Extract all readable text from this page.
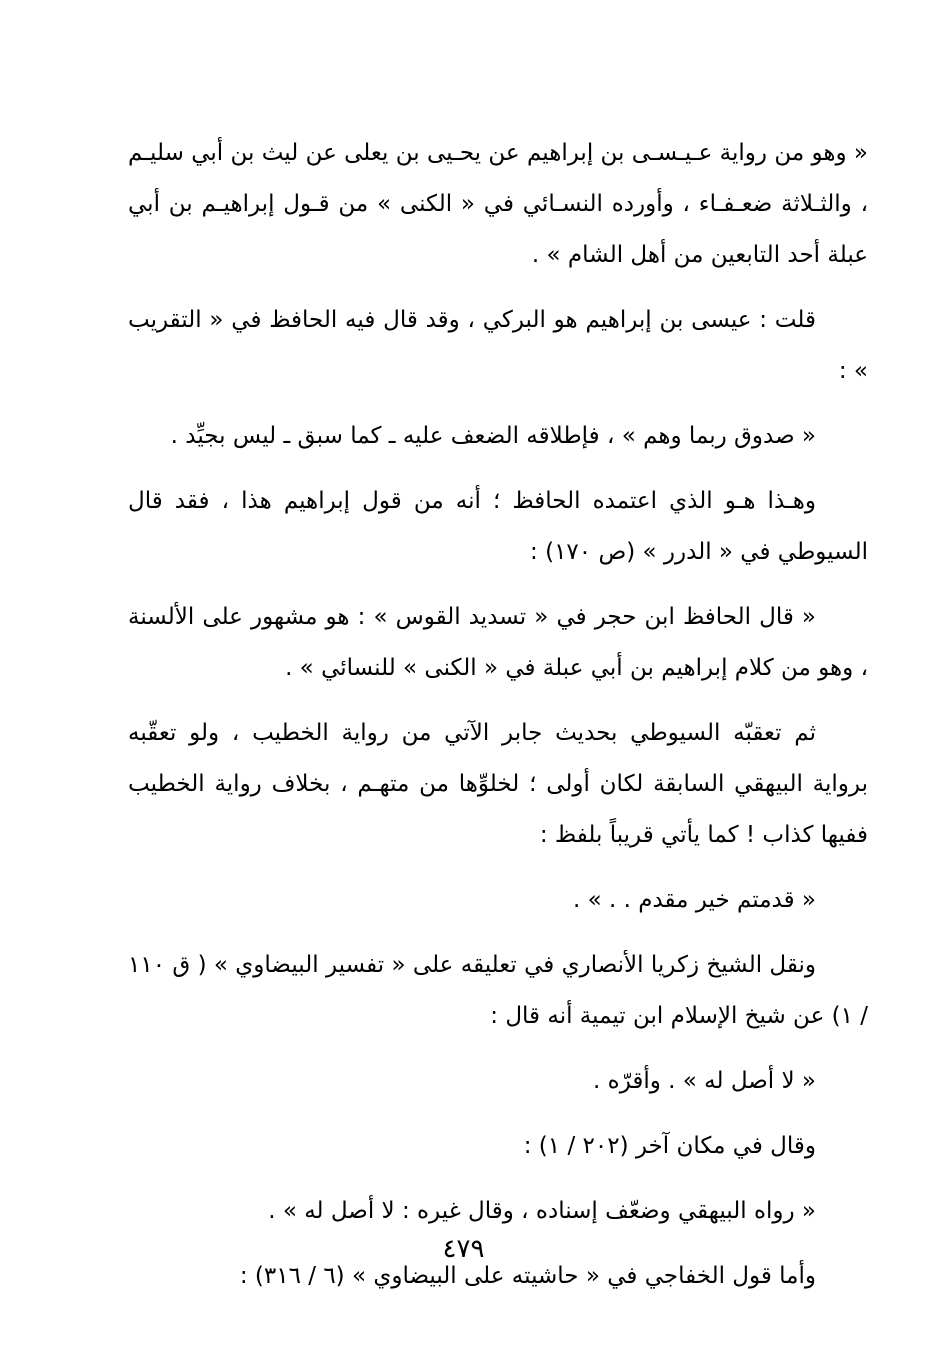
« وهو من رواية عـيـسـى بن إبراهيم عن يحـيى بن يعلى عن ليث بن أبي سليـم ، والثـلاثة ضعـفـاء ، وأورده النسـائي في « الكنى » من قـول إبراهيـم بن أبي عبلة أحد التابعين من أهل الشام » .

قلت : عيسى بن إبراهيم هو البركي ، وقد قال فيه الحافظ في « التقريب » :

« صدوق ربما وهم » ، فإطلاقه الضعف عليه ـ كما سبق ـ ليس بجيِّد .

وهـذا هـو الذي اعتمده الحافظ ؛ أنه من قول إبراهيم هذا ، فقد قال السيوطي في « الدرر » (ص ١٧٠) :

« قال الحافظ ابن حجر في « تسديد القوس » : هو مشهور على الألسنة ، وهو من كلام إبراهيم بن أبي عبلة في « الكنى » للنسائي » .

ثم تعقبّه السيوطي بحديث جابر الآتي من رواية الخطيب ، ولو تعقّبه برواية البيهقي السابقة لكان أولى ؛ لخلوِّها من متهـم ، بخلاف رواية الخطيب ففيها كذاب ! كما يأتي قريباً بلفظ :

« قدمتم خير مقدم . . » .

ونقل الشيخ زكريا الأنصاري في تعليقه على « تفسير البيضاوي » ( ق ١١٠ / ١) عن شيخ الإسلام ابن تيمية أنه قال :

« لا أصل له » . وأقرّه .

وقال في مكان آخر (٢٠٢ / ١) :

« رواه البيهقي وضعّف إسناده ، وقال غيره : لا أصل له » .

وأما قول الخفاجي في « حاشيته على البيضاوي » (٦ / ٣١٦) :

٤٧٩
